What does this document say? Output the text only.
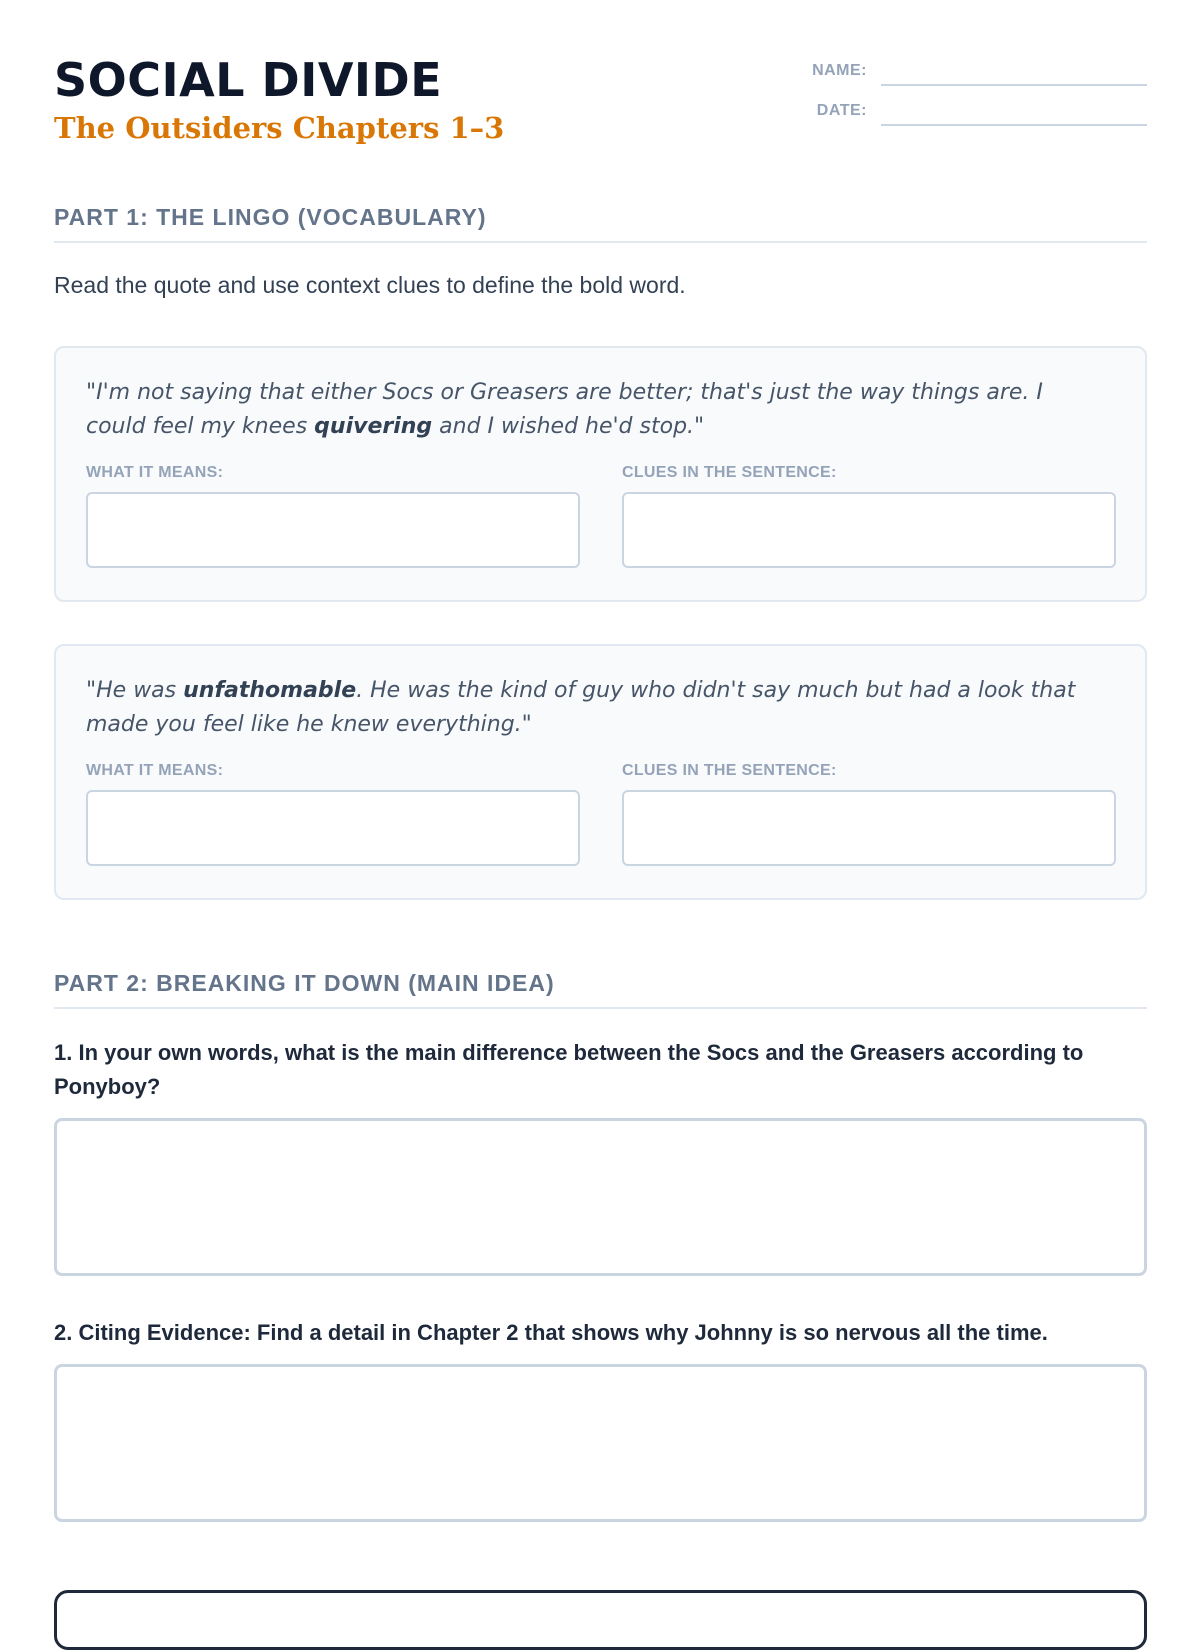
SOCIAL DIVIDE
The Outsiders Chapters 1–3
NAME:
DATE:
PART 1: THE LINGO (VOCABULARY)

Read the quote and use context clues to define the bold word.

"I'm not saying that either Socs or Greasers are better; that's just the way things are. I could feel my knees quivering and I wished he'd stop."

WHAT IT MEANS:	CLUES IN THE SENTENCE:

"He was unfathomable. He was the kind of guy who didn't say much but had a look that made you feel like he knew everything."

WHAT IT MEANS:	CLUES IN THE SENTENCE:
PART 2: BREAKING IT DOWN (MAIN IDEA)

1. In your own words, what is the main difference between the Socs and the Greasers according to Ponyboy?

2. Citing Evidence: Find a detail in Chapter 2 that shows why Johnny is so nervous all the time.
